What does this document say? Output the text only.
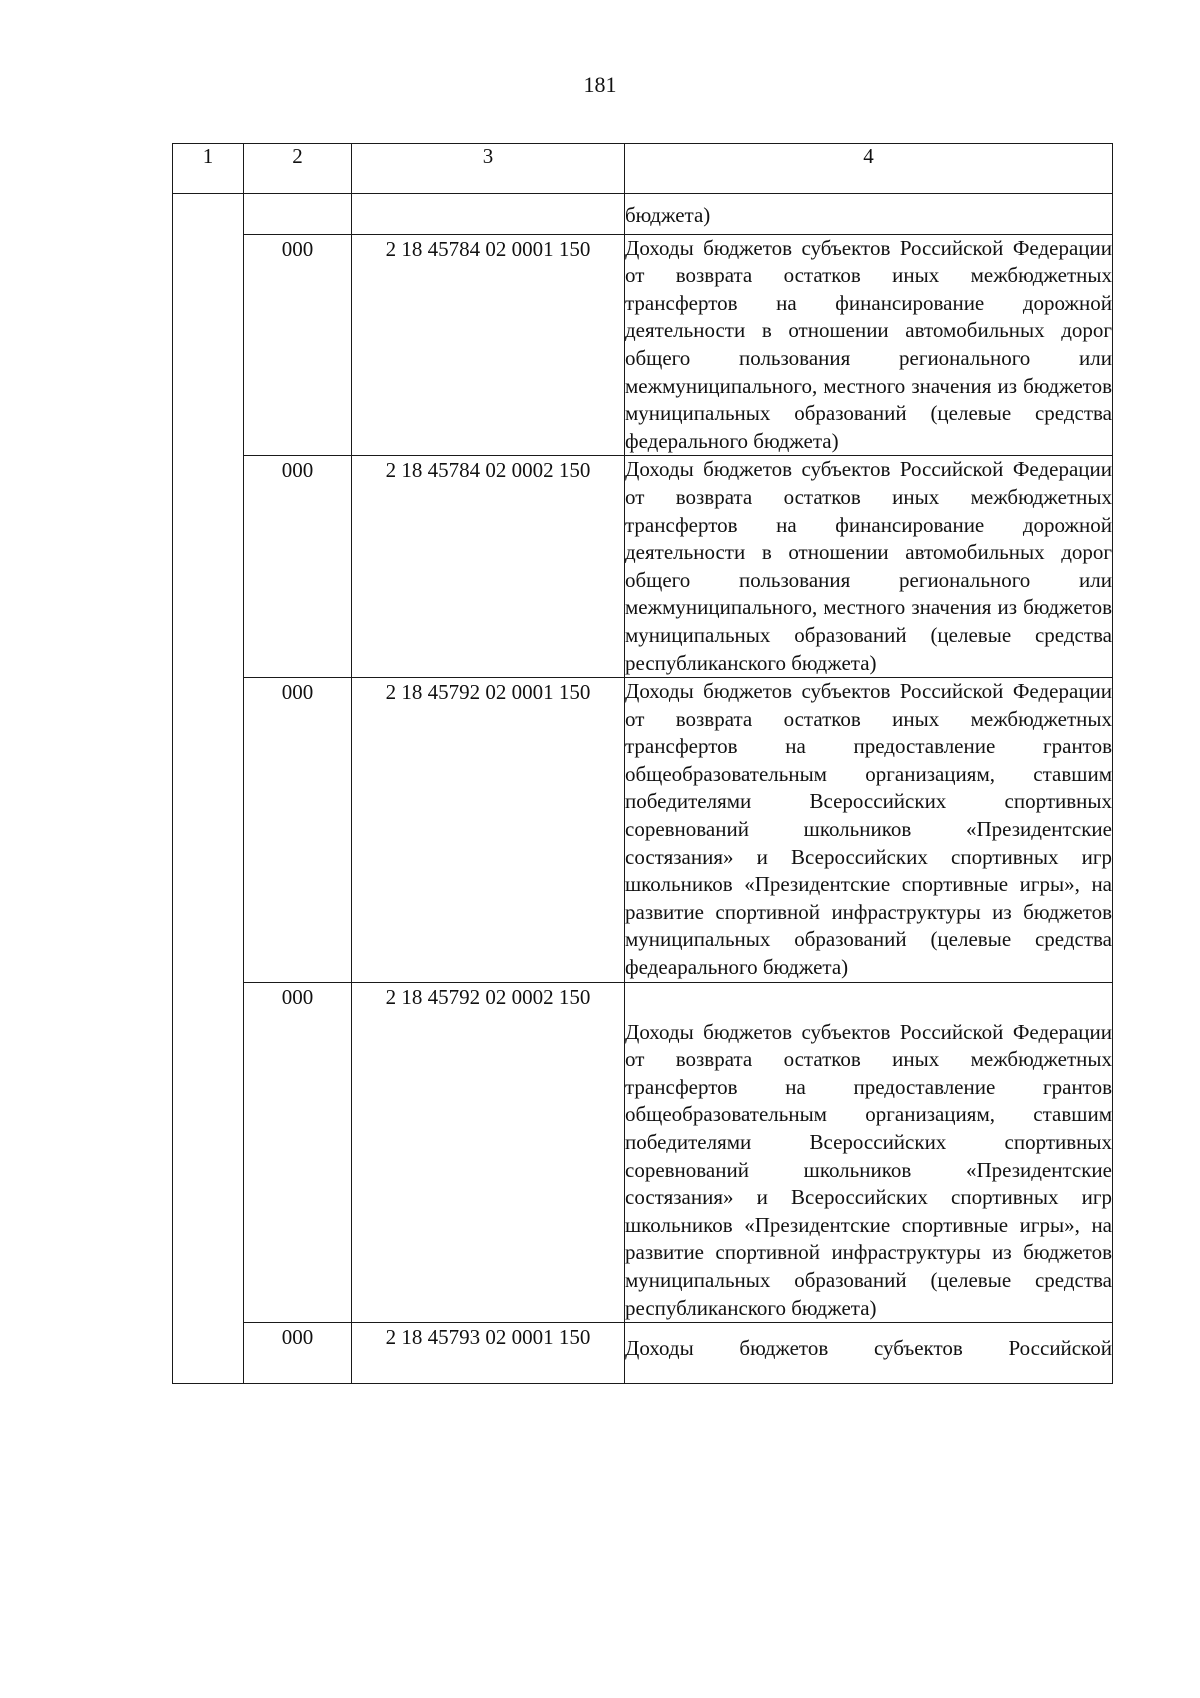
181
1	2	3	4
			бюджета)
	000	2 18 45784 02 0001 150	Доходы бюджетов субъектов Российской Федерации от возврата остатков иных межбюджетных трансфертов на финансирование дорожной деятельности в отношении автомобильных дорог общего пользования регионального или межмуниципального, местного значения из бюджетов муниципальных образований (целевые средства федерального бюджета)
	000	2 18 45784 02 0002 150	Доходы бюджетов субъектов Российской Федерации от возврата остатков иных межбюджетных трансфертов на финансирование дорожной деятельности в отношении автомобильных дорог общего пользования регионального или межмуниципального, местного значения из бюджетов муниципальных образований (целевые средства республиканского бюджета)
	000	2 18 45792 02 0001 150	Доходы бюджетов субъектов Российской Федерации от возврата остатков иных межбюджетных трансфертов на предоставление грантов общеобразовательным организациям, ставшим победителями Всероссийских спортивных соревнований школьников «Президентские состязания» и Всероссийских спортивных игр школьников «Президентские спортивные игры», на развитие спортивной инфраструктуры из бюджетов муниципальных образований (целевые средства федеарального бюджета)
	000	2 18 45792 02 0002 150	Доходы бюджетов субъектов Российской Федерации от возврата остатков иных межбюджетных трансфертов на предоставление грантов общеобразовательным организациям, ставшим победителями Всероссийских спортивных соревнований школьников «Президентские состязания» и Всероссийских спортивных игр школьников «Президентские спортивные игры», на развитие спортивной инфраструктуры из бюджетов муниципальных образований (целевые средства республиканского бюджета)
	000	2 18 45793 02 0001 150	Доходы бюджетов субъектов Российской
